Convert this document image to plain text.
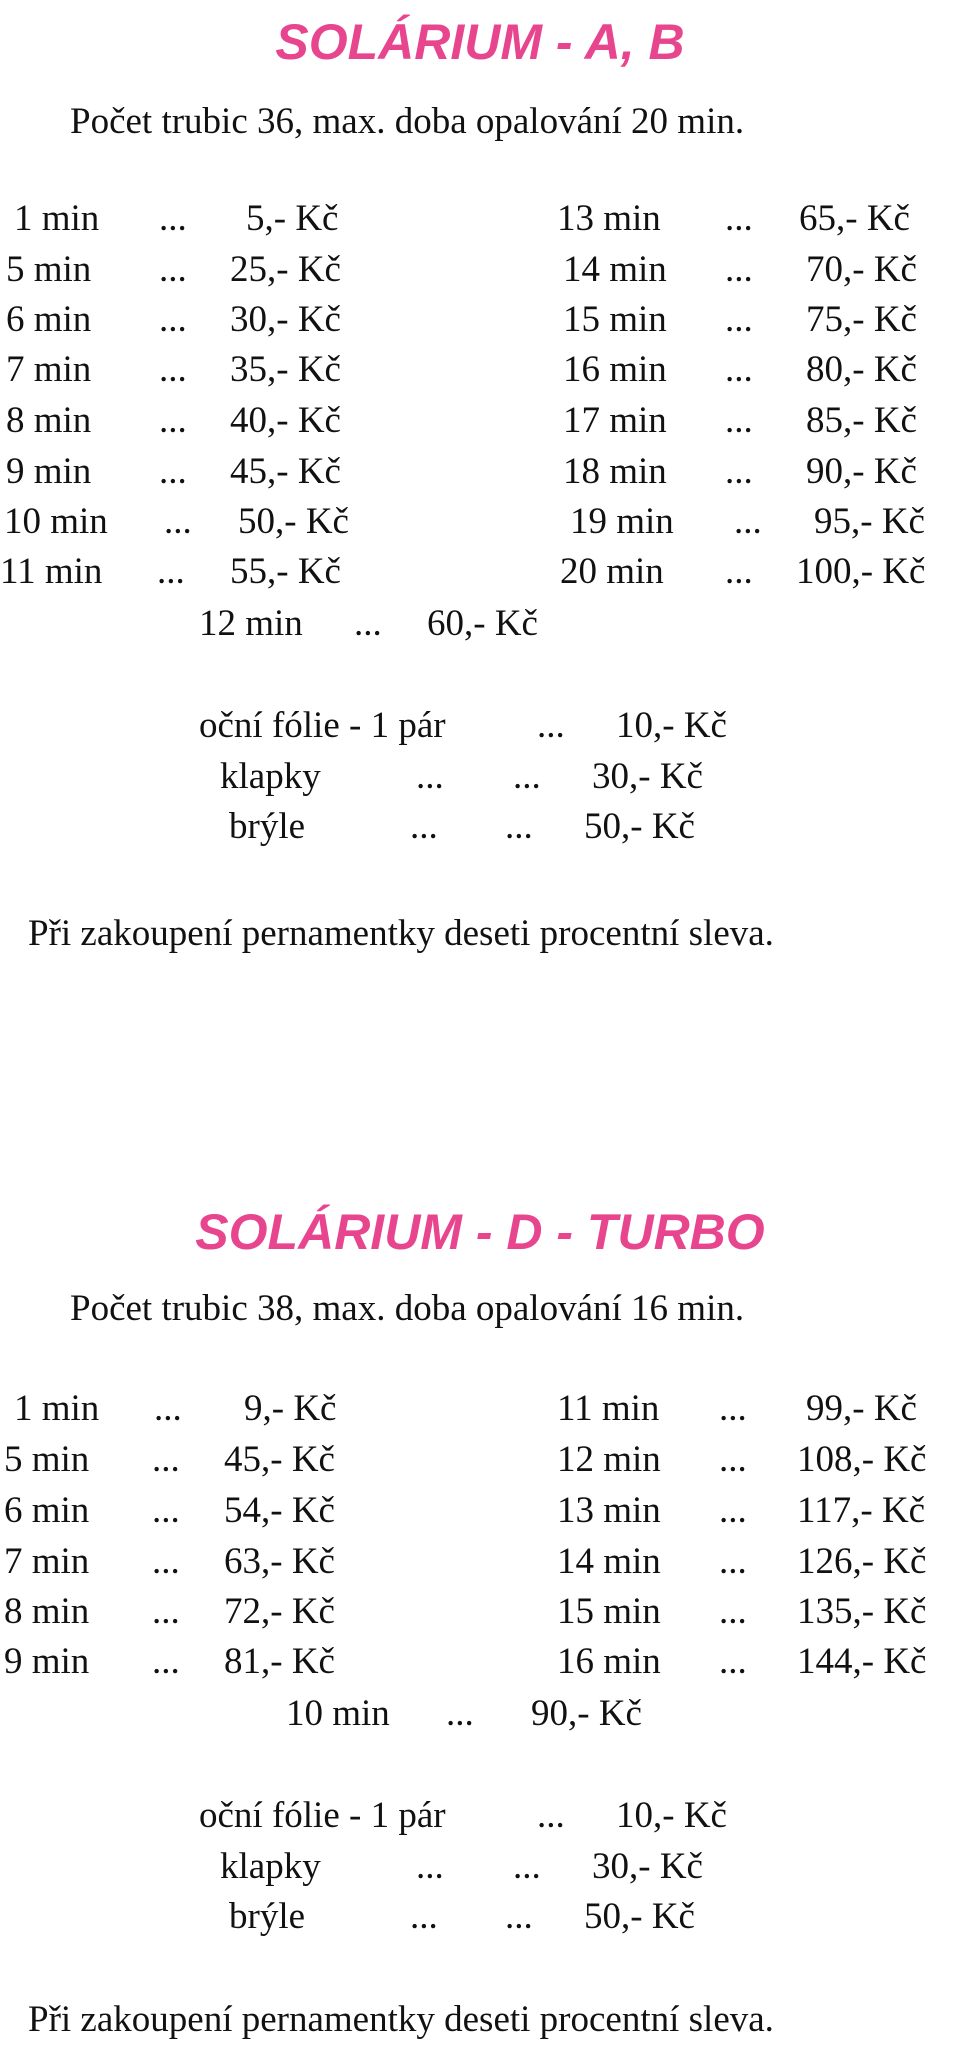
SOLÁRIUM - A, B

Počet trubic 36, max. doba opalování 20 min.

1 min ... 5,- Kč
5 min ... 25,- Kč
6 min ... 30,- Kč
7 min ... 35,- Kč
8 min ... 40,- Kč
9 min ... 45,- Kč
10 min ... 50,- Kč
11 min ... 55,- Kč
13 min ... 65,- Kč
14 min ... 70,- Kč
15 min ... 75,- Kč
16 min ... 80,- Kč
17 min ... 85,- Kč
18 min ... 90,- Kč
19 min ... 95,- Kč
20 min ... 100,- Kč
12 min ... 60,- Kč
oční fólie - 1 pár ... 10,- Kč
klapky	... ... 30,- Kč
brýle	... ... 50,- Kč

Při zakoupení pernamentky deseti procentní sleva.

SOLÁRIUM - D - TURBO

Počet trubic 38, max. doba opalování 16 min.

1 min ... 9,- Kč
5 min ... 45,- Kč
6 min ... 54,- Kč
7 min ... 63,- Kč
8 min ... 72,- Kč
9 min ... 81,- Kč
11 min ... 99,- Kč
12 min ... 108,- Kč
13 min ... 117,- Kč
14 min ... 126,- Kč
15 min ... 135,- Kč
16 min ... 144,- Kč
10 min ... 90,- Kč
oční fólie - 1 pár ... 10,- Kč
klapky	... ... 30,- Kč
brýle	... ... 50,- Kč

Při zakoupení pernamentky deseti procentní sleva.
